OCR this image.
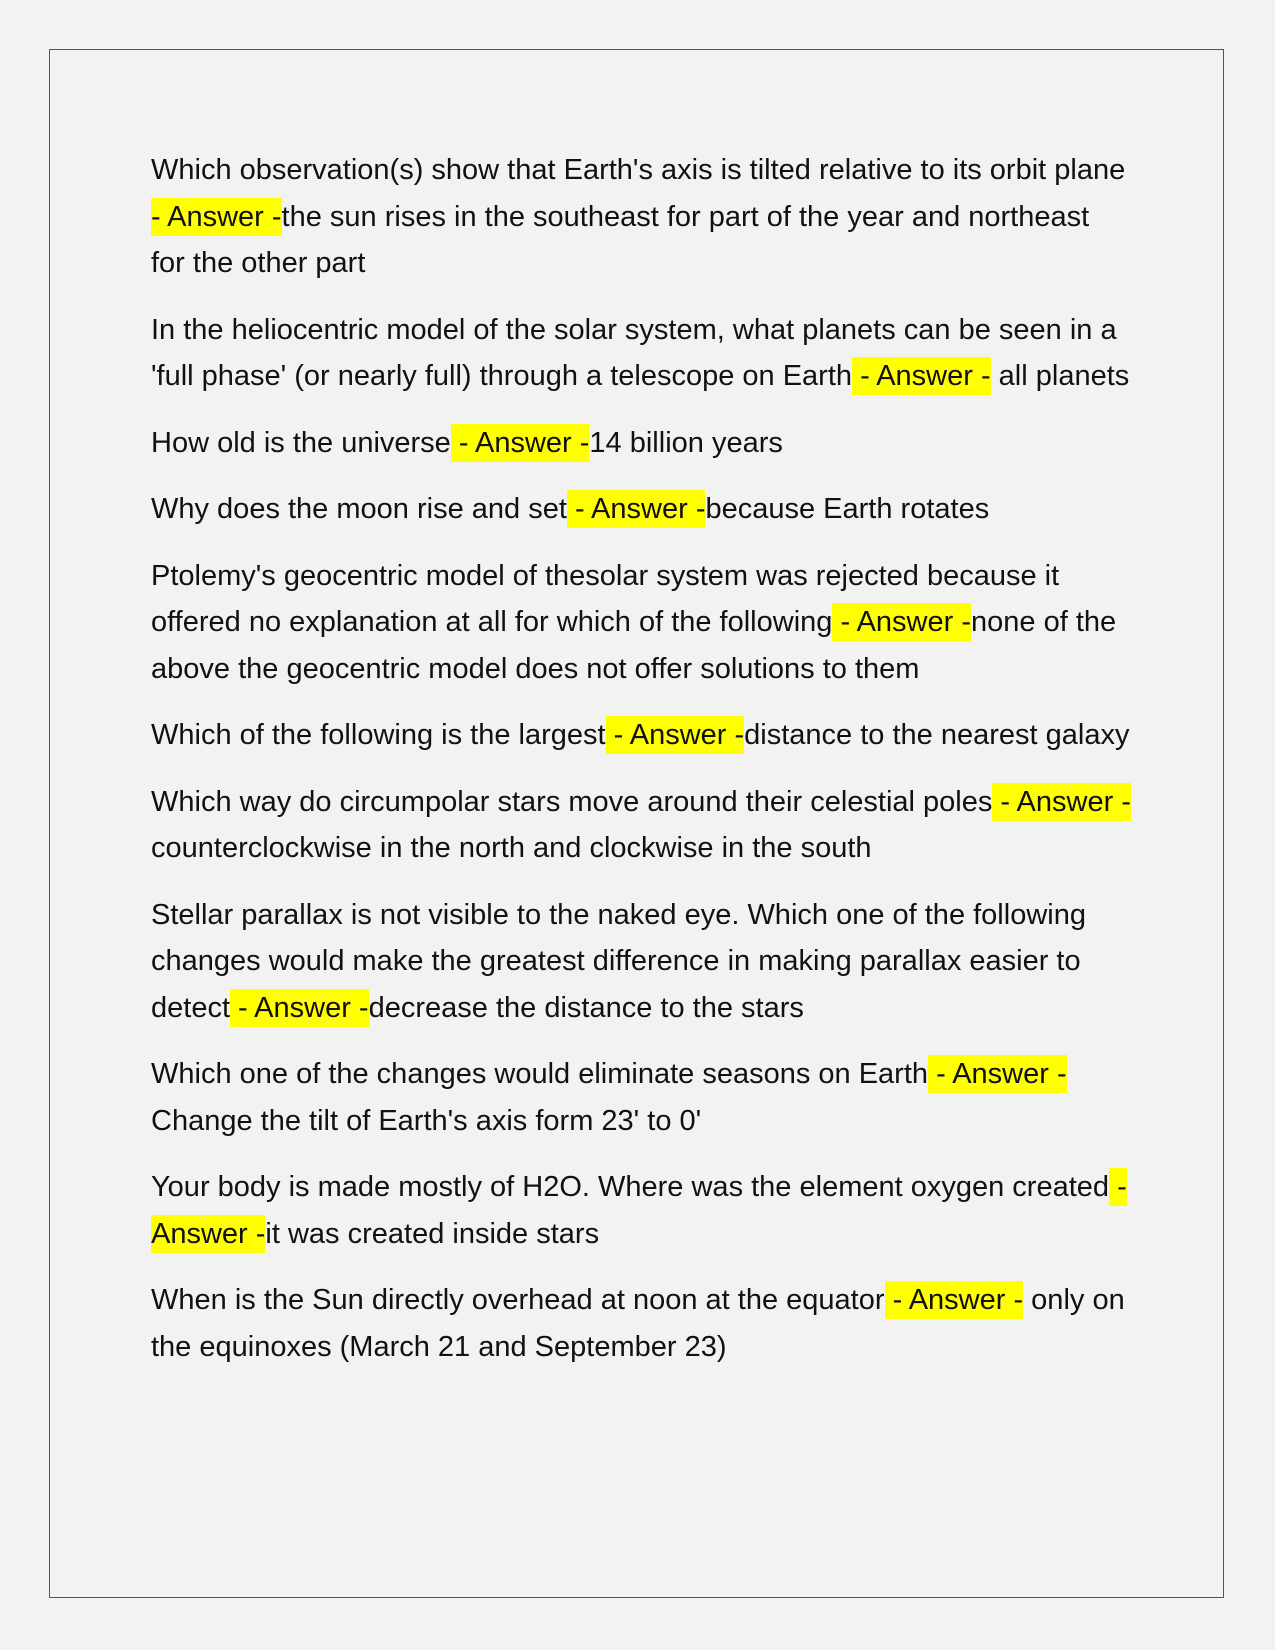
Which observation(s) show that Earth's axis is tilted relative to its orbit plane - Answer -the sun rises in the southeast for part of the year and northeast for the other part

In the heliocentric model of the solar system, what planets can be seen in a 'full phase' (or nearly full) through a telescope on Earth - Answer - all planets

How old is the universe - Answer -14 billion years

Why does the moon rise and set - Answer -because Earth rotates

Ptolemy's geocentric model of thesolar system was rejected because it offered no explanation at all for which of the following - Answer -none of the above the geocentric model does not offer solutions to them

Which of the following is the largest - Answer -distance to the nearest galaxy

Which way do circumpolar stars move around their celestial poles - Answer -counterclockwise in the north and clockwise in the south

Stellar parallax is not visible to the naked eye. Which one of the following changes would make the greatest difference in making parallax easier to detect - Answer -decrease the distance to the stars

Which one of the changes would eliminate seasons on Earth - Answer - Change the tilt of Earth's axis form 23' to 0'

Your body is made mostly of H2O. Where was the element oxygen created - Answer -it was created inside stars

When is the Sun directly overhead at noon at the equator - Answer - only on the equinoxes (March 21 and September 23)
